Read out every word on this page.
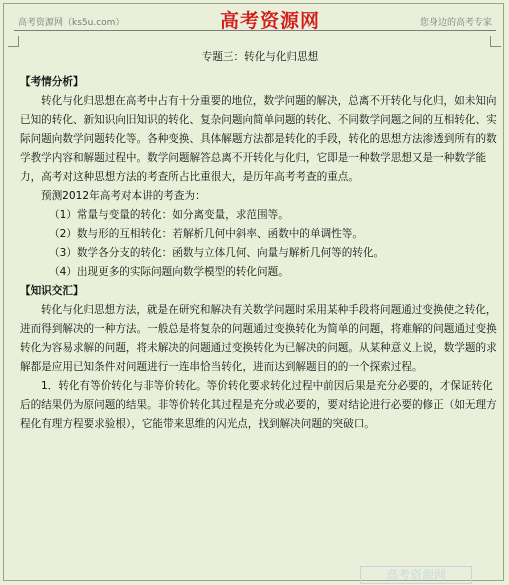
高考资源网（ks5u.com）	高考资源网	您身边的高考专家

专题三：转化与化归思想

【考情分析】

转化与化归思想在高考中占有十分重要的地位，数学问题的解决，总离不开转化与化归，如未知向已知的转化、新知识向旧知识的转化、复杂问题向简单问题的转化、不同数学问题之间的互相转化、实际问题向数学问题转化等。各种变换、具体解题方法都是转化的手段，转化的思想方法渗透到所有的数学教学内容和解题过程中。数学问题解答总离不开转化与化归，它即是一种数学思想又是一种数学能力，高考对这种思想方法的考查所占比重很大，是历年高考考查的重点。

预测2012年高考对本讲的考查为：

（1）常量与变量的转化：如分离变量，求范围等。

（2）数与形的互相转化：若解析几何中斜率、函数中的单调性等。

（3）数学各分支的转化：函数与立体几何、向量与解析几何等的转化。

（4）出现更多的实际问题向数学模型的转化问题。

【知识交汇】

转化与化归思想方法，就是在研究和解决有关数学问题时采用某种手段将问题通过变换使之转化，进而得到解决的一种方法。一般总是将复杂的问题通过变换转化为简单的问题，将难解的问题通过变换转化为容易求解的问题，将未解决的问题通过变换转化为已解决的问题。从某种意义上说，数学题的求解都是应用已知条件对问题进行一连串恰当转化，进而达到解题目的的一个探索过程。

1．转化有等价转化与非等价转化。等价转化要求转化过程中前因后果是充分必要的，才保证转化后的结果仍为原问题的结果。非等价转化其过程是充分或必要的，要对结论进行必要的修正（如无理方程化有理方程要求验根），它能带来思维的闪光点，找到解决问题的突破口。

高考资源网
